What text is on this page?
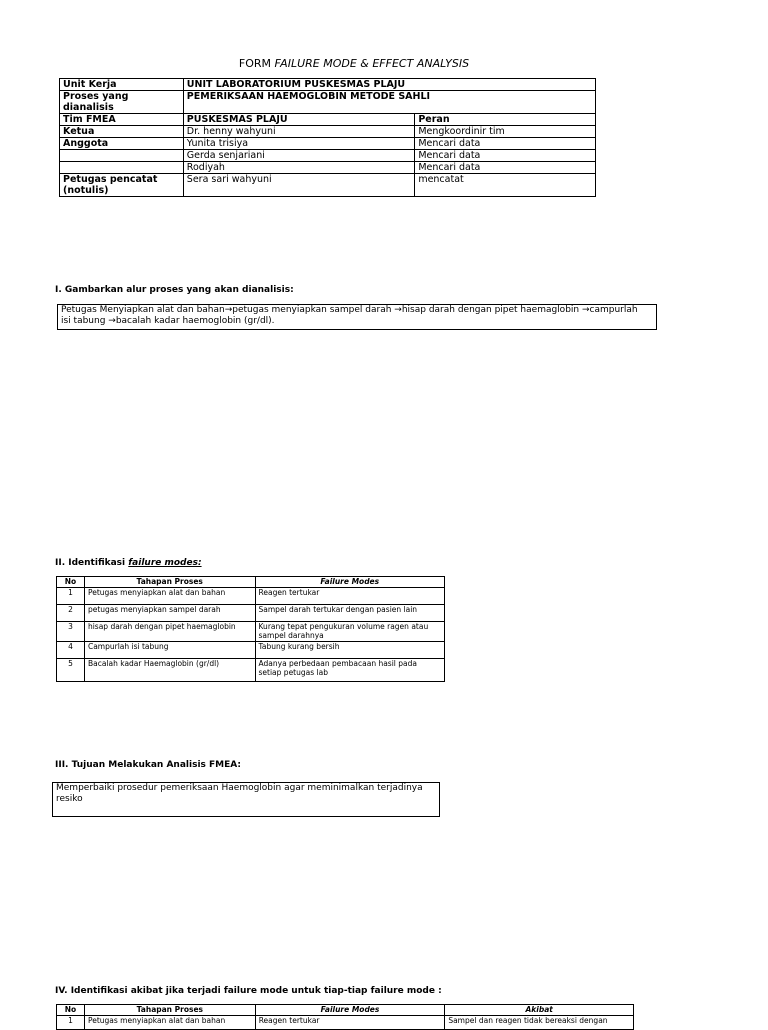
FORM FAILURE MODE & EFFECT ANALYSIS
Unit Kerja	UNIT LABORATORIUM PUSKESMAS PLAJU	
Proses yang dianalisis	PEMERIKSAAN HAEMOGLOBIN METODE SAHLI	
Tim FMEA	PUSKESMAS PLAJU	Peran
Ketua	Dr. henny wahyuni	Mengkoordinir tim
Anggota	Yunita trisiya	Mencari data
	Gerda senjariani	Mencari data
	Rodiyah	Mencari data
Petugas pencatat (notulis)	Sera sari wahyuni	mencatat
I. Gambarkan alur proses yang akan dianalisis:
Petugas Menyiapkan alat dan bahan→petugas menyiapkan sampel darah →hisap darah dengan pipet haemaglobin →campurlah isi tabung →bacalah kadar haemoglobin (gr/dl).
II. Identifikasi failure modes:
No	Tahapan Proses	Failure Modes
1	Petugas menyiapkan alat dan bahan	Reagen tertukar
2	petugas menyiapkan sampel darah	Sampel darah tertukar dengan pasien lain
3	hisap darah dengan pipet haemaglobin	Kurang tepat pengukuran volume ragen atau sampel darahnya
4	Campurlah isi tabung	Tabung kurang bersih
5	Bacalah kadar Haemaglobin (gr/dl)	Adanya perbedaan pembacaan hasil pada setiap petugas lab
III. Tujuan Melakukan Analisis FMEA:
Memperbaiki prosedur pemeriksaan Haemoglobin agar meminimalkan terjadinya resiko
IV. Identifikasi akibat jika terjadi failure mode untuk tiap-tiap failure mode :
No	Tahapan Proses	Failure Modes	Akibat
1	Petugas menyiapkan alat dan bahan	Reagen tertukar	Sampel dan reagen tidak bereaksi dengan
